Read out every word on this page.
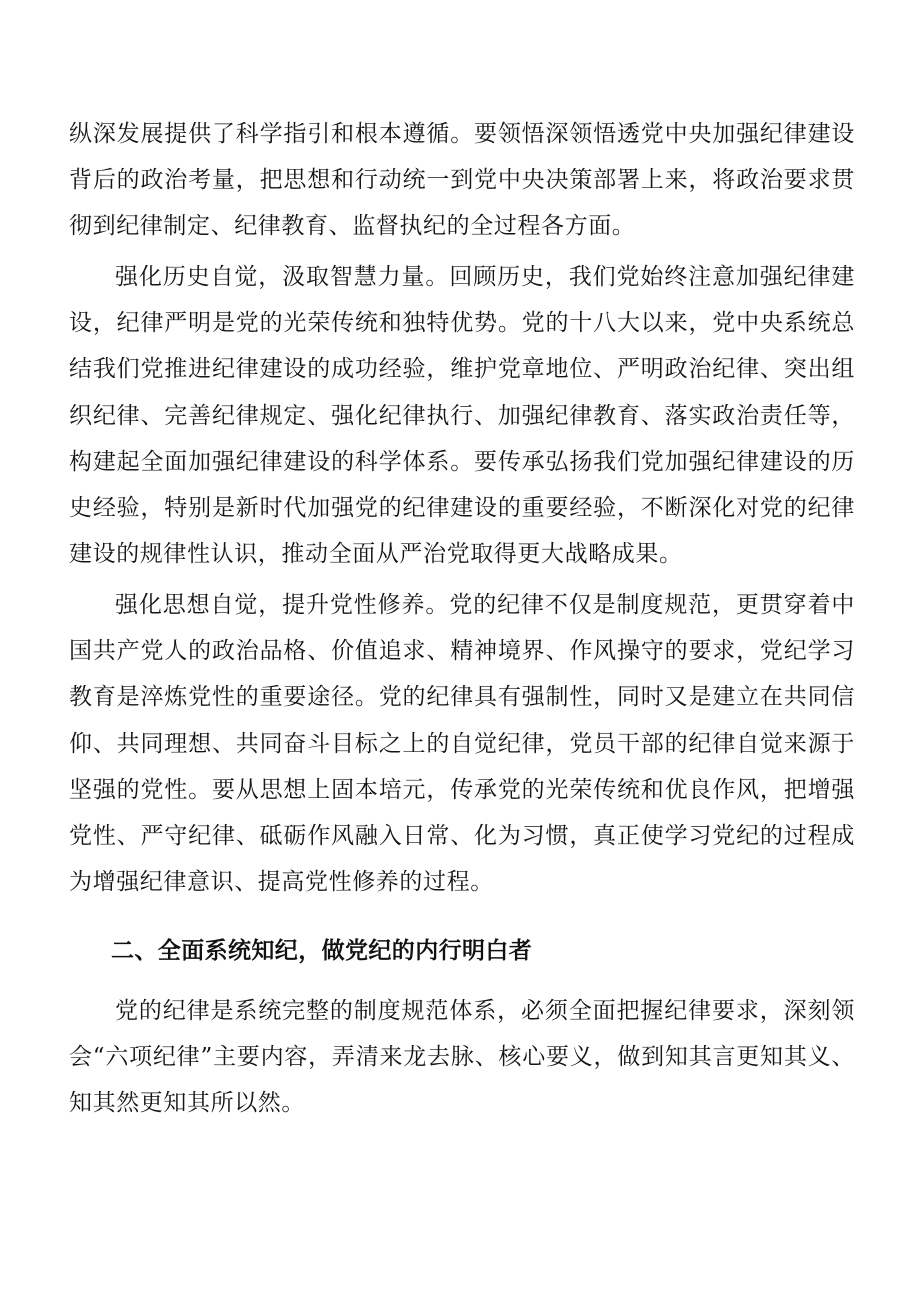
纵深发展提供了科学指引和根本遵循。要领悟深领悟透党中央加强纪律建设背后的政治考量，把思想和行动统一到党中央决策部署上来，将政治要求贯彻到纪律制定、纪律教育、监督执纪的全过程各方面。

强化历史自觉，汲取智慧力量。回顾历史，我们党始终注意加强纪律建设，纪律严明是党的光荣传统和独特优势。党的十八大以来，党中央系统总结我们党推进纪律建设的成功经验，维护党章地位、严明政治纪律、突出组织纪律、完善纪律规定、强化纪律执行、加强纪律教育、落实政治责任等，构建起全面加强纪律建设的科学体系。要传承弘扬我们党加强纪律建设的历史经验，特别是新时代加强党的纪律建设的重要经验，不断深化对党的纪律建设的规律性认识，推动全面从严治党取得更大战略成果。

强化思想自觉，提升党性修养。党的纪律不仅是制度规范，更贯穿着中国共产党人的政治品格、价值追求、精神境界、作风操守的要求，党纪学习教育是淬炼党性的重要途径。党的纪律具有强制性，同时又是建立在共同信仰、共同理想、共同奋斗目标之上的自觉纪律，党员干部的纪律自觉来源于坚强的党性。要从思想上固本培元，传承党的光荣传统和优良作风，把增强党性、严守纪律、砥砺作风融入日常、化为习惯，真正使学习党纪的过程成为增强纪律意识、提高党性修养的过程。

二、全面系统知纪，做党纪的内行明白者

党的纪律是系统完整的制度规范体系，必须全面把握纪律要求，深刻领会“六项纪律”主要内容，弄清来龙去脉、核心要义，做到知其言更知其义、知其然更知其所以然。
